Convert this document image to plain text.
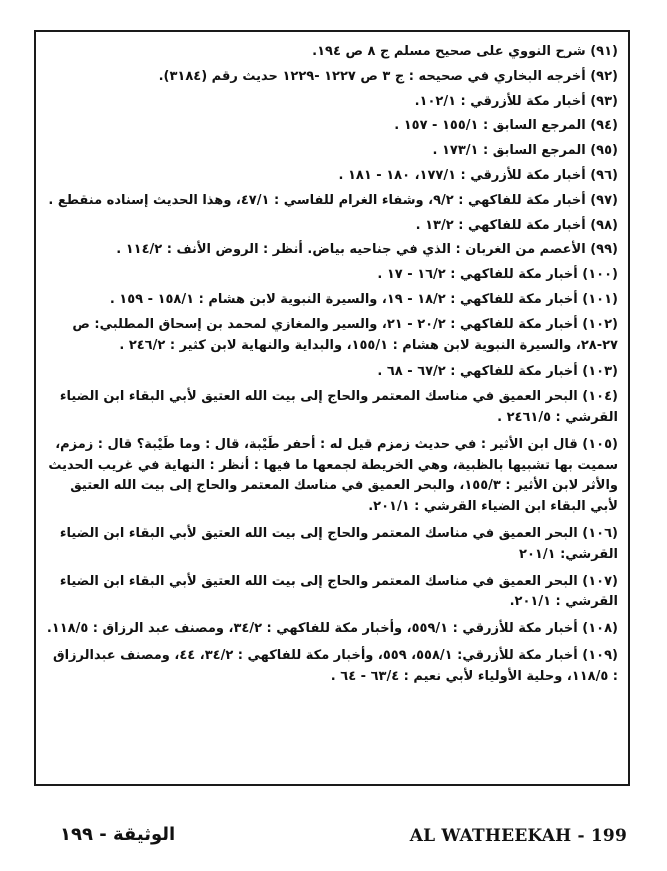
(٩١) شرح النووي على صحيح مسلم ج ٨ ص ١٩٤.
(٩٢) أخرجه البخاري في صحيحه : ج ٣ ص ١٢٢٧ -١٢٢٩ حديث رقم (٣١٨٤).
(٩٣) أخبار مكة للأزرقي : ١٠٢/١.
(٩٤) المرجع السابق : ١٥٥/١ - ١٥٧ .
(٩٥) المرجع السابق : ١٧٣/١ .
(٩٦) أخبار مكة للأزرقي : ١٧٧/١، ١٨٠ - ١٨١ .
(٩٧) أخبار مكة للفاكهي : ٩/٢، وشفاء الغرام للفاسي : ٤٧/١، وهذا الحديث إسناده منقطع .
(٩٨) أخبار مكة للفاكهي : ١٣/٢ .
(٩٩) الأعصم من الغربان : الذي في جناحيه بياض. أنظر : الروض الأنف : ١١٤/٢ .
(١٠٠) أخبار مكة للفاكهي : ١٦/٢ - ١٧ .
(١٠١) أخبار مكة للفاكهي : ١٨/٢ - ١٩، والسيرة النبوية لابن هشام : ١٥٨/١ - ١٥٩ .
(١٠٢) أخبار مكة للفاكهي : ٢٠/٢ - ٢١، والسير والمغازي لمحمد بن إسحاق المطلبي: ص ٢٧-٢٨، والسيرة النبوية لابن هشام : ١٥٥/١، والبداية والنهاية لابن كثير : ٢٤٦/٢ .
(١٠٣) أخبار مكة للفاكهي : ٦٧/٢ - ٦٨ .
(١٠٤) البحر العميق في مناسك المعتمر والحاج إلى بيت الله العتيق لأبي البقاء ابن الضياء القرشي : ٢٤٦١/٥ .
(١٠٥) قال ابن الأثير : في حديث زمزم قيل له : أحفر طَيْبة، قال : وما طَيْبة؟ قال : زمزم، سميت بها تشبيها بالظبية، وهي الخريطة لجمعها ما فيها : أنظر : النهاية في غريب الحديث والأثر لابن الأثير : ١٥٥/٣، والبحر العميق في مناسك المعتمر والحاج إلى بيت الله العتيق لأبي البقاء ابن الضياء القرشي : ٢٠١/١.
(١٠٦) البحر العميق في مناسك المعتمر والحاج إلى بيت الله العتيق لأبي البقاء ابن الضياء القرشي: ٢٠١/١
(١٠٧) البحر العميق في مناسك المعتمر والحاج إلى بيت الله العتيق لأبي البقاء ابن الضياء القرشي : ٢٠١/١.
(١٠٨) أخبار مكة للأزرقي : ٥٥٩/١، وأخبار مكة للفاكهي : ٣٤/٢، ومصنف عبد الرزاق : ١١٨/٥.
(١٠٩) أخبار مكة للأزرقي: ٥٥٨/١، ٥٥٩، وأخبار مكة للفاكهي : ٣٤/٢، ٤٤، ومصنف عبدالرزاق : ١١٨/٥، وحلية الأولياء لأبي نعيم : ٦٣/٤ - ٦٤ .
الوثيقة - ١٩٩	AL WATHEEKAH - 199
